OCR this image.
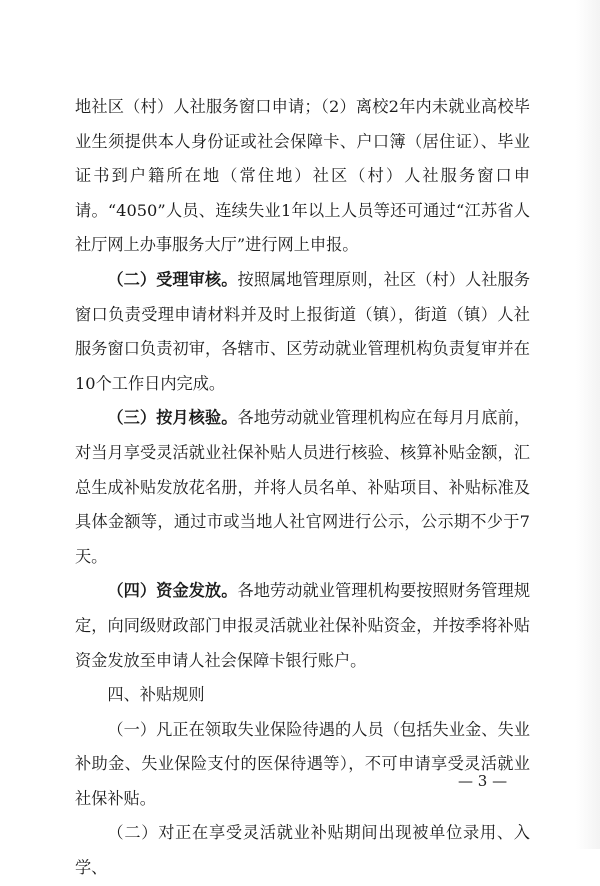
地社区（村）人社服务窗口申请；（2）离校2年内未就业高校毕业生须提供本人身份证或社会保障卡、户口簿（居住证）、毕业证书到户籍所在地（常住地）社区（村）人社服务窗口申请。“4050”人员、连续失业1年以上人员等还可通过“江苏省人社厅网上办事服务大厅”进行网上申报。

（二）受理审核。按照属地管理原则，社区（村）人社服务窗口负责受理申请材料并及时上报街道（镇），街道（镇）人社服务窗口负责初审，各辖市、区劳动就业管理机构负责复审并在10个工作日内完成。

（三）按月核验。各地劳动就业管理机构应在每月月底前，对当月享受灵活就业社保补贴人员进行核验、核算补贴金额，汇总生成补贴发放花名册，并将人员名单、补贴项目、补贴标准及具体金额等，通过市或当地人社官网进行公示，公示期不少于7天。

（四）资金发放。各地劳动就业管理机构要按照财务管理规定，向同级财政部门申报灵活就业社保补贴资金，并按季将补贴资金发放至申请人社会保障卡银行账户。

四、补贴规则

（一）凡正在领取失业保险待遇的人员（包括失业金、失业补助金、失业保险支付的医保待遇等），不可申请享受灵活就业社保补贴。

（二）对正在享受灵活就业补贴期间出现被单位录用、入学、

— 3 —
